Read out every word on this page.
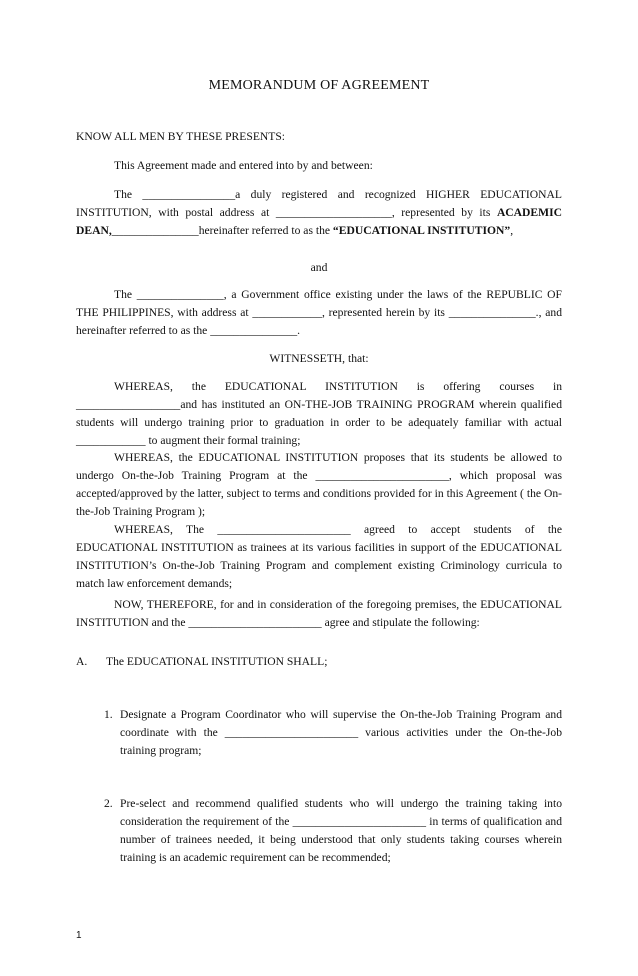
MEMORANDUM OF AGREEMENT
KNOW ALL MEN BY THESE PRESENTS:
This Agreement made and entered into by and between:
The ________________a duly registered and recognized HIGHER EDUCATIONAL INSTITUTION, with postal address at ____________________, represented by its ACADEMIC DEAN,_______________hereinafter referred to as the “EDUCATIONAL INSTITUTION”,
and
The _______________, a Government office existing under the laws of the REPUBLIC OF THE PHILIPPINES, with address at ____________, represented herein by its _______________., and hereinafter referred to as the _______________.
WITNESSETH, that:
WHEREAS, the EDUCATIONAL INSTITUTION is offering courses in __________________and has instituted an ON-THE-JOB TRAINING PROGRAM wherein qualified students will undergo training prior to graduation in order to be adequately familiar with actual ____________ to augment their formal training;
WHEREAS, the EDUCATIONAL INSTITUTION proposes that its students be allowed to undergo On-the-Job Training Program at the _______________________, which proposal was accepted/approved by the latter, subject to terms and conditions provided for in this Agreement ( the On-the-Job Training Program );
WHEREAS, The _______________________ agreed to accept students of the EDUCATIONAL INSTITUTION as trainees at its various facilities in support of the EDUCATIONAL INSTITUTION’s On-the-Job Training Program and complement existing Criminology curricula to match law enforcement demands;
NOW, THEREFORE, for and in consideration of the foregoing premises, the EDUCATIONAL INSTITUTION and the _______________________ agree and stipulate the following:
A. The EDUCATIONAL INSTITUTION SHALL;
1. Designate a Program Coordinator who will supervise the On-the-Job Training Program and coordinate with the _______________________ various activities under the On-the-Job training program;
2. Pre-select and recommend qualified students who will undergo the training taking into consideration the requirement of the _______________________ in terms of qualification and number of trainees needed, it being understood that only students taking courses wherein training is an academic requirement can be recommended;
1
